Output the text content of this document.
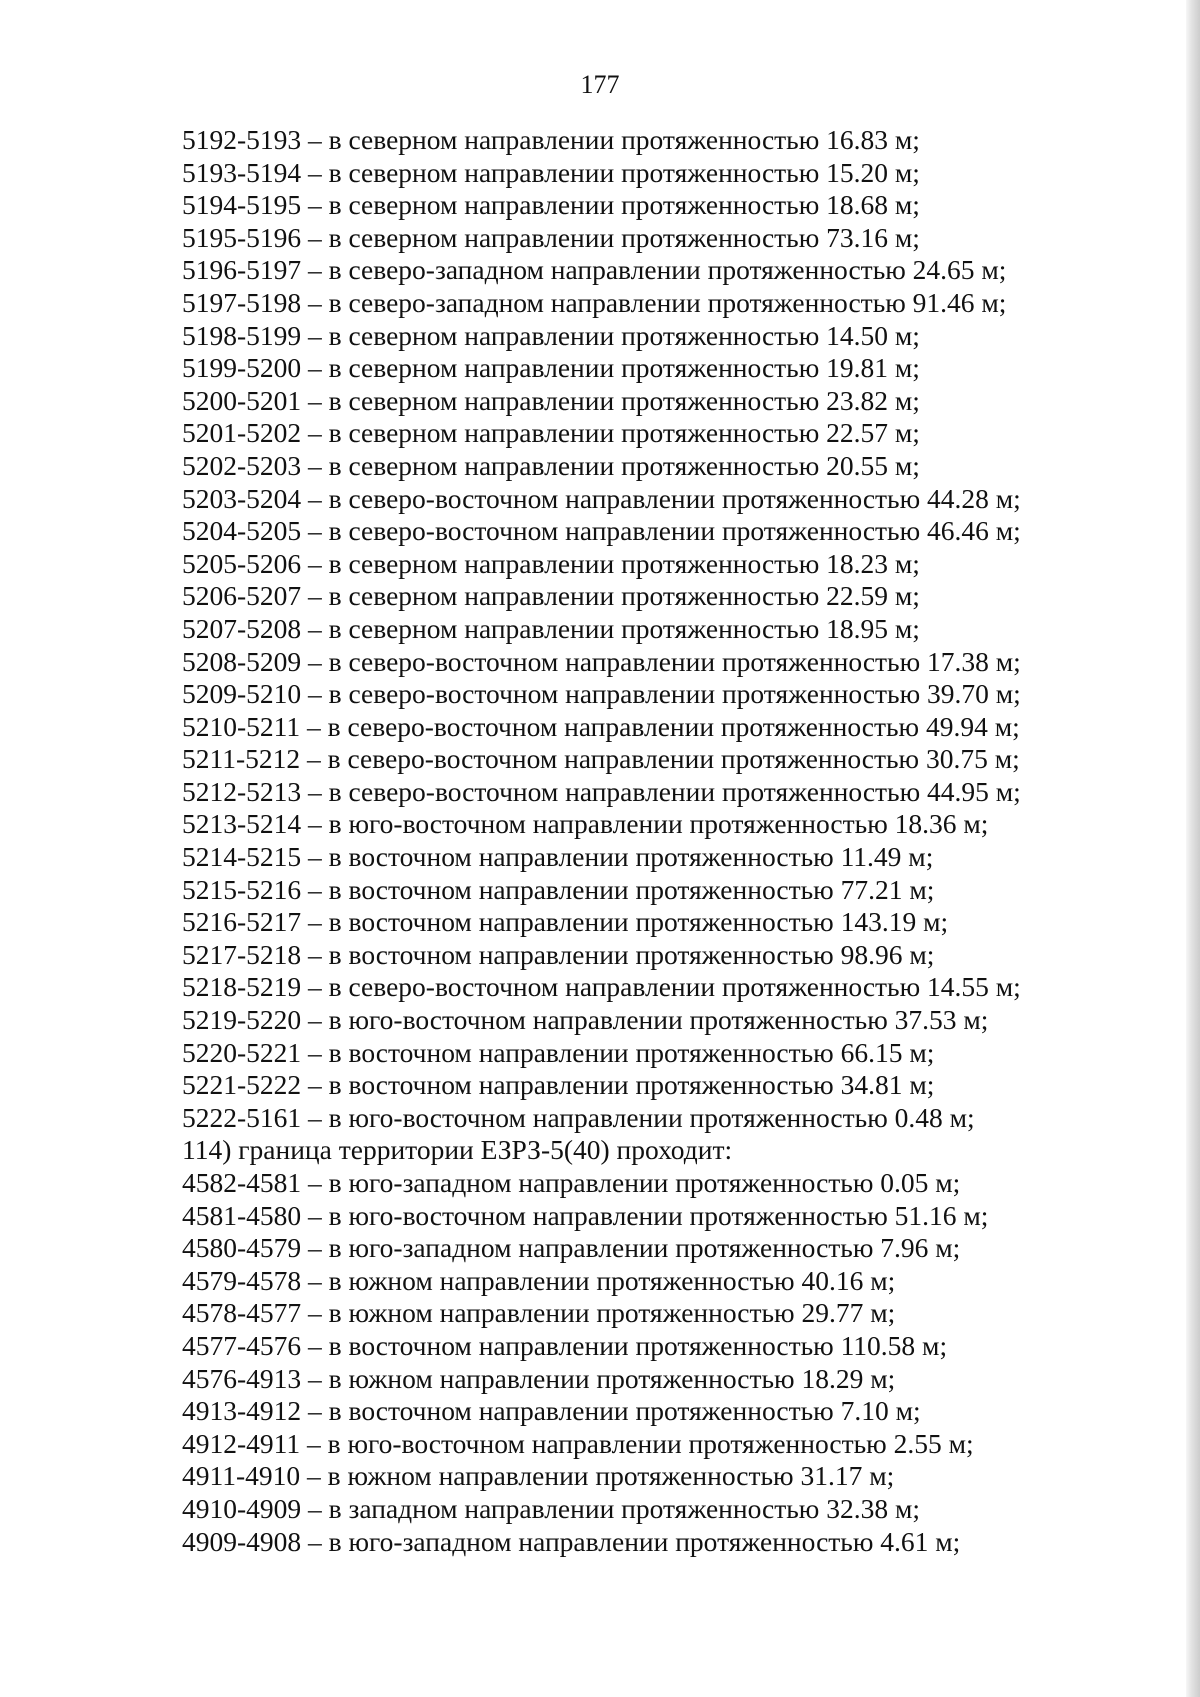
177

5192-5193 – в северном направлении протяженностью 16.83 м;

5193-5194 – в северном направлении протяженностью 15.20 м;

5194-5195 – в северном направлении протяженностью 18.68 м;

5195-5196 – в северном направлении протяженностью 73.16 м;

5196-5197 – в северо-западном направлении протяженностью 24.65 м;

5197-5198 – в северо-западном направлении протяженностью 91.46 м;

5198-5199 – в северном направлении протяженностью 14.50 м;

5199-5200 – в северном направлении протяженностью 19.81 м;

5200-5201 – в северном направлении протяженностью 23.82 м;

5201-5202 – в северном направлении протяженностью 22.57 м;

5202-5203 – в северном направлении протяженностью 20.55 м;

5203-5204 – в северо-восточном направлении протяженностью 44.28 м;

5204-5205 – в северо-восточном направлении протяженностью 46.46 м;

5205-5206 – в северном направлении протяженностью 18.23 м;

5206-5207 – в северном направлении протяженностью 22.59 м;

5207-5208 – в северном направлении протяженностью 18.95 м;

5208-5209 – в северо-восточном направлении протяженностью 17.38 м;

5209-5210 – в северо-восточном направлении протяженностью 39.70 м;

5210-5211 – в северо-восточном направлении протяженностью 49.94 м;

5211-5212 – в северо-восточном направлении протяженностью 30.75 м;

5212-5213 – в северо-восточном направлении протяженностью 44.95 м;

5213-5214 – в юго-восточном направлении протяженностью 18.36 м;

5214-5215 – в восточном направлении протяженностью 11.49 м;

5215-5216 – в восточном направлении протяженностью 77.21 м;

5216-5217 – в восточном направлении протяженностью 143.19 м;

5217-5218 – в восточном направлении протяженностью 98.96 м;

5218-5219 – в северо-восточном направлении протяженностью 14.55 м;

5219-5220 – в юго-восточном направлении протяженностью 37.53 м;

5220-5221 – в восточном направлении протяженностью 66.15 м;

5221-5222 – в восточном направлении протяженностью 34.81 м;

5222-5161 – в юго-восточном направлении протяженностью 0.48 м;

114) граница территории ЕЗРЗ-5(40) проходит:

4582-4581 – в юго-западном направлении протяженностью 0.05 м;

4581-4580 – в юго-восточном направлении протяженностью 51.16 м;

4580-4579 – в юго-западном направлении протяженностью 7.96 м;

4579-4578 – в южном направлении протяженностью 40.16 м;

4578-4577 – в южном направлении протяженностью 29.77 м;

4577-4576 – в восточном направлении протяженностью 110.58 м;

4576-4913 – в южном направлении протяженностью 18.29 м;

4913-4912 – в восточном направлении протяженностью 7.10 м;

4912-4911 – в юго-восточном направлении протяженностью 2.55 м;

4911-4910 – в южном направлении протяженностью 31.17 м;

4910-4909 – в западном направлении протяженностью 32.38 м;

4909-4908 – в юго-западном направлении протяженностью 4.61 м;
